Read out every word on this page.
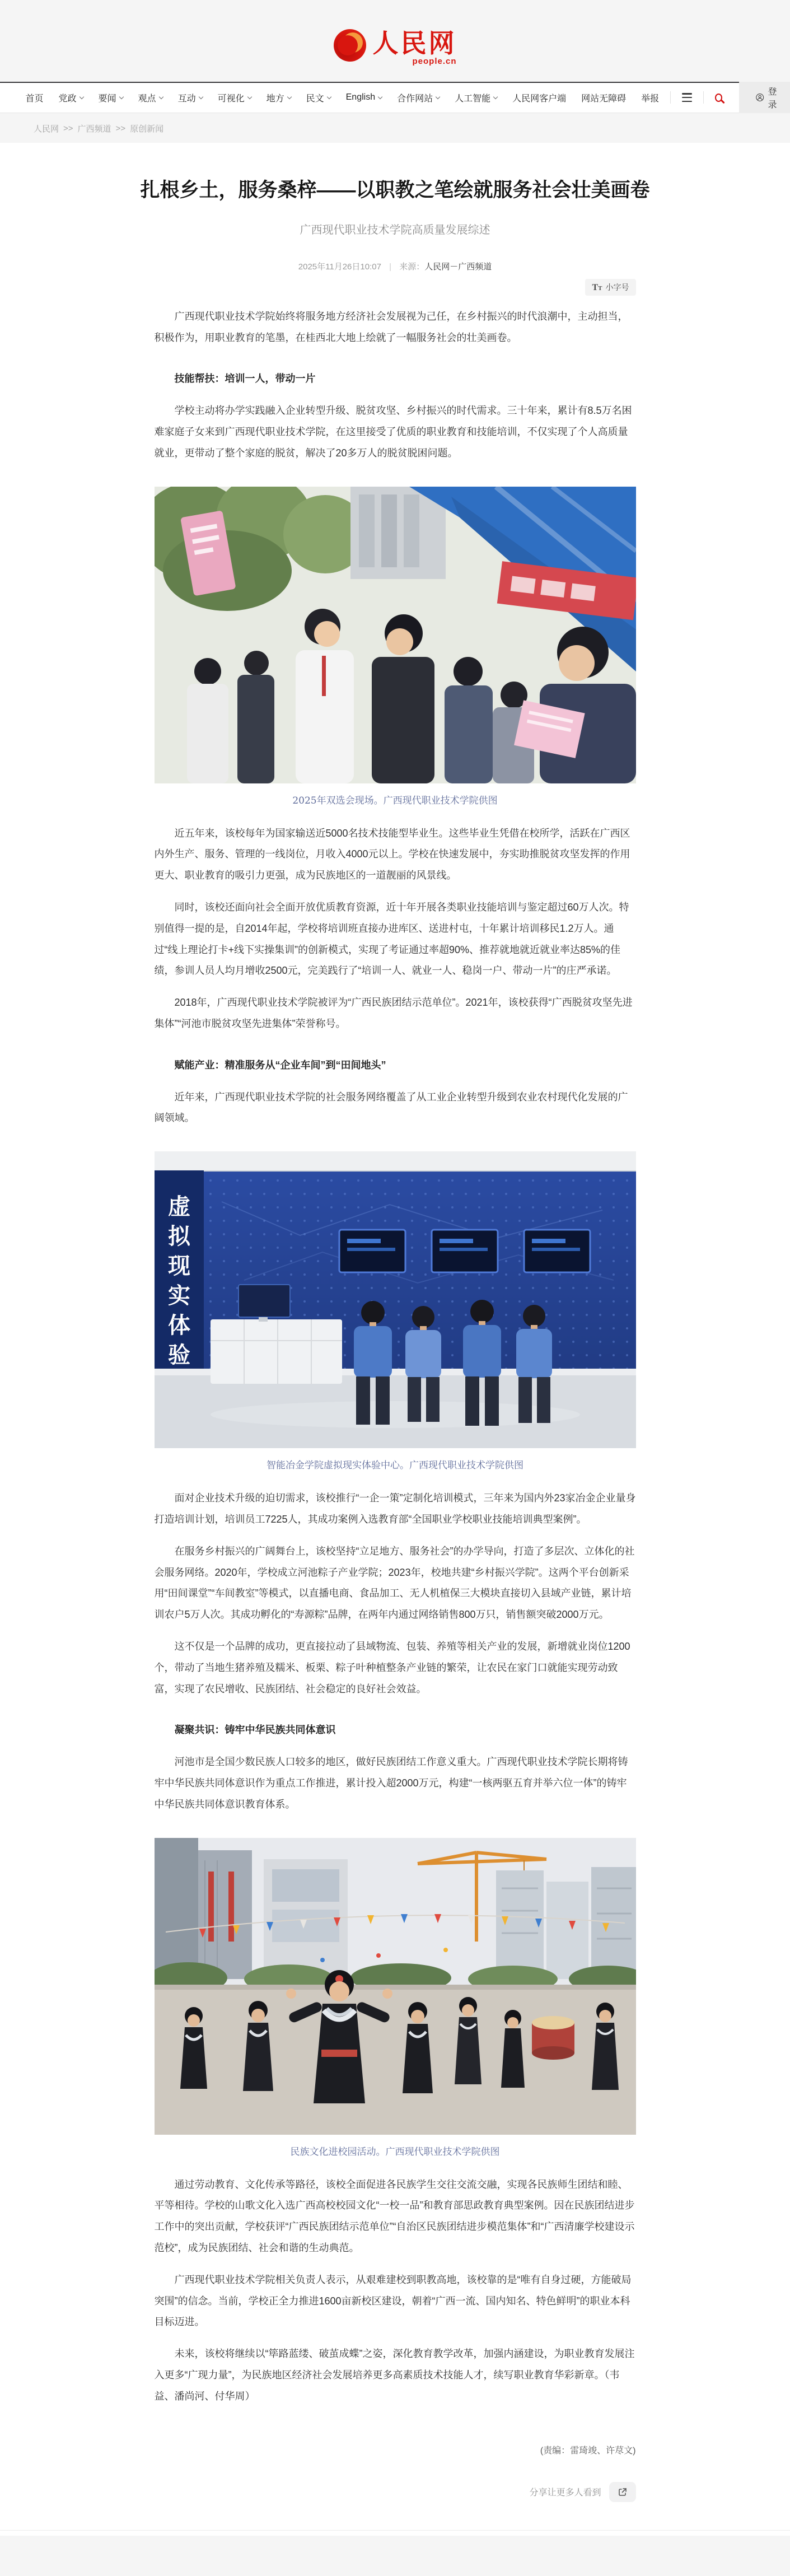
人民网
people.cn
首页 党政 要闻 观点 互动 可视化 地方 民文 English 合作网站 人工智能 人民网客户端 网站无障碍 举报
登录
人民网 >> 广西频道 >> 原创新闻
扎根乡土，服务桑梓——以职教之笔绘就服务社会壮美画卷
广西现代职业技术学院高质量发展综述
2025年11月26日10:07 | 来源：人民网－广西频道
TT 小字号

广西现代职业技术学院始终将服务地方经济社会发展视为己任，在乡村振兴的时代浪潮中，主动担当，积极作为，用职业教育的笔墨，在桂西北大地上绘就了一幅服务社会的壮美画卷。

技能帮扶：培训一人，带动一片

学校主动将办学实践融入企业转型升级、脱贫攻坚、乡村振兴的时代需求。三十年来，累计有8.5万名困难家庭子女来到广西现代职业技术学院，在这里接受了优质的职业教育和技能培训，不仅实现了个人高质量就业，更带动了整个家庭的脱贫，解决了20多万人的脱贫脱困问题。

2025年双选会现场。广西现代职业技术学院供图

近五年来，该校每年为国家输送近5000名技术技能型毕业生。这些毕业生凭借在校所学，活跃在广西区内外生产、服务、管理的一线岗位，月收入4000元以上。学校在快速发展中，夯实助推脱贫攻坚发挥的作用更大、职业教育的吸引力更强，成为民族地区的一道靓丽的风景线。

同时，该校还面向社会全面开放优质教育资源，近十年开展各类职业技能培训与鉴定超过60万人次。特别值得一提的是，自2014年起，学校将培训班直接办进库区、送进村屯，十年累计培训移民1.2万人。通过“线上理论打卡+线下实操集训”的创新模式，实现了考证通过率超90%、推荐就地就近就业率达85%的佳绩，参训人员人均月增收2500元，完美践行了“培训一人、就业一人、稳岗一户、带动一片”的庄严承诺。

2018年，广西现代职业技术学院被评为“广西民族团结示范单位”。2021年，该校获得“广西脱贫攻坚先进集体”“河池市脱贫攻坚先进集体”荣誉称号。

赋能产业：精准服务从“企业车间”到“田间地头”

近年来，广西现代职业技术学院的社会服务网络覆盖了从工业企业转型升级到农业农村现代化发展的广阔领域。

虚
拟
现
实
体
验
智能冶金学院虚拟现实体验中心。广西现代职业技术学院供图

面对企业技术升级的迫切需求，该校推行“一企一策”定制化培训模式，三年来为国内外23家冶金企业量身打造培训计划，培训员工7225人，其成功案例入选教育部“全国职业学校职业技能培训典型案例”。

在服务乡村振兴的广阔舞台上，该校坚持“立足地方、服务社会”的办学导向，打造了多层次、立体化的社会服务网络。2020年，学校成立河池粽子产业学院；2023年，校地共建“乡村振兴学院”。这两个平台创新采用“田间课堂”“车间教室”等模式，以直播电商、食品加工、无人机植保三大模块直接切入县域产业链，累计培训农户5万人次。其成功孵化的“寿源粽”品牌，在两年内通过网络销售800万只，销售额突破2000万元。

这不仅是一个品牌的成功，更直接拉动了县域物流、包装、养殖等相关产业的发展，新增就业岗位1200个，带动了当地生猪养殖及糯米、板栗、粽子叶种植整条产业链的繁荣，让农民在家门口就能实现劳动致富，实现了农民增收、民族团结、社会稳定的良好社会效益。

凝聚共识：铸牢中华民族共同体意识

河池市是全国少数民族人口较多的地区，做好民族团结工作意义重大。广西现代职业技术学院长期将铸牢中华民族共同体意识作为重点工作推进，累计投入超2000万元，构建“一核两驱五育并举六位一体”的铸牢中华民族共同体意识教育体系。

民族文化进校园活动。广西现代职业技术学院供图

通过劳动教育、文化传承等路径，该校全面促进各民族学生交往交流交融，实现各民族师生团结和睦、平等相待。学校的山歌文化入选广西高校校园文化“一校一品”和教育部思政教育典型案例。因在民族团结进步工作中的突出贡献，学校获评“广西民族团结示范单位”“自治区民族团结进步模范集体”和“广西清廉学校建设示范校”，成为民族团结、社会和谐的生动典范。

广西现代职业技术学院相关负责人表示，从艰难建校到职教高地，该校靠的是“唯有自身过硬，方能破局突围”的信念。当前，学校正全力推进1600亩新校区建设，朝着“广西一流、国内知名、特色鲜明”的职业本科目标迈进。

未来，该校将继续以“筚路蓝缕、破茧成蝶”之姿，深化教育教学改革，加强内涵建设，为职业教育发展注入更多“广现力量”，为民族地区经济社会发展培养更多高素质技术技能人才，续写职业教育华彩新章。（韦益、潘尚河、付华周）

(责编：雷琦竣、许荩文)
分享让更多人看到
